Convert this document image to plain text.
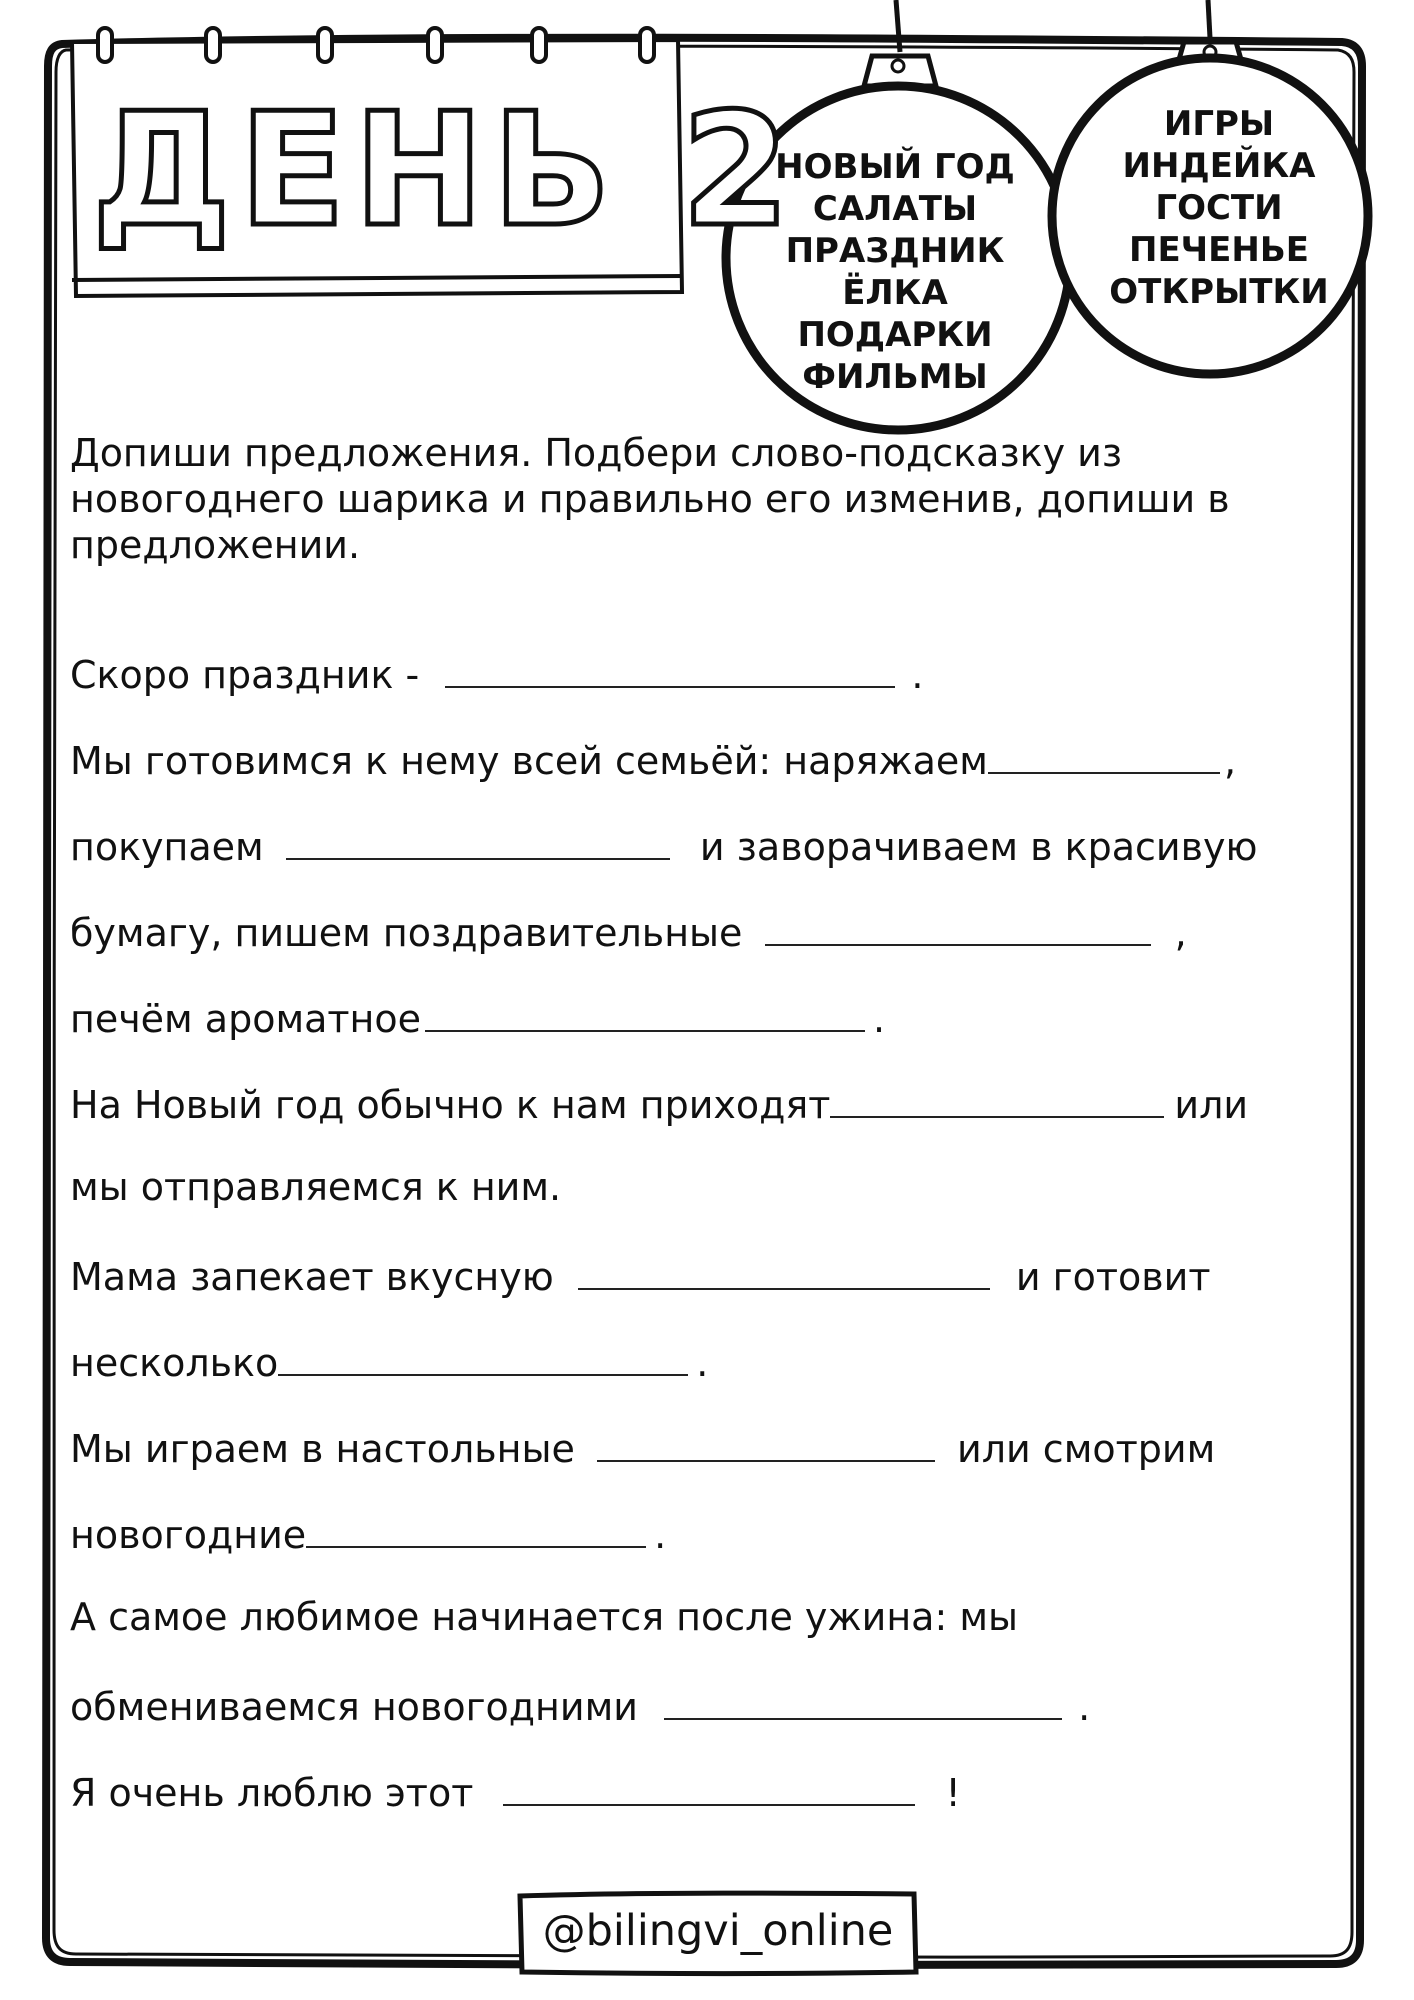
ДЕНЬ 2
НОВЫЙ ГОД
САЛАТЫ
ПРАЗДНИК
ЁЛКА
ПОДАРКИ
ФИЛЬМЫ
ИГРЫ
ИНДЕЙКА
ГОСТИ
ПЕЧЕНЬЕ
ОТКРЫТКИ
Допиши предложения. Подбери слово-подсказку из новогоднего шарика и правильно его изменив, допиши в предложении.
Скоро праздник -	.
Мы готовимся к нему всей семьёй: наряжаем	,
покупаем	и заворачиваем в красивую
бумагу, пишем поздравительные	,
печём ароматное	.
На Новый год обычно к нам приходят	или
мы отправляемся к ним.
Мама запекает вкусную	и готовит
несколько	.
Мы играем в настольные	или смотрим
новогодние	.
А самое любимое начинается после ужина: мы
обмениваемся новогодними	.
Я очень люблю этот	!
@bilingvi_online
